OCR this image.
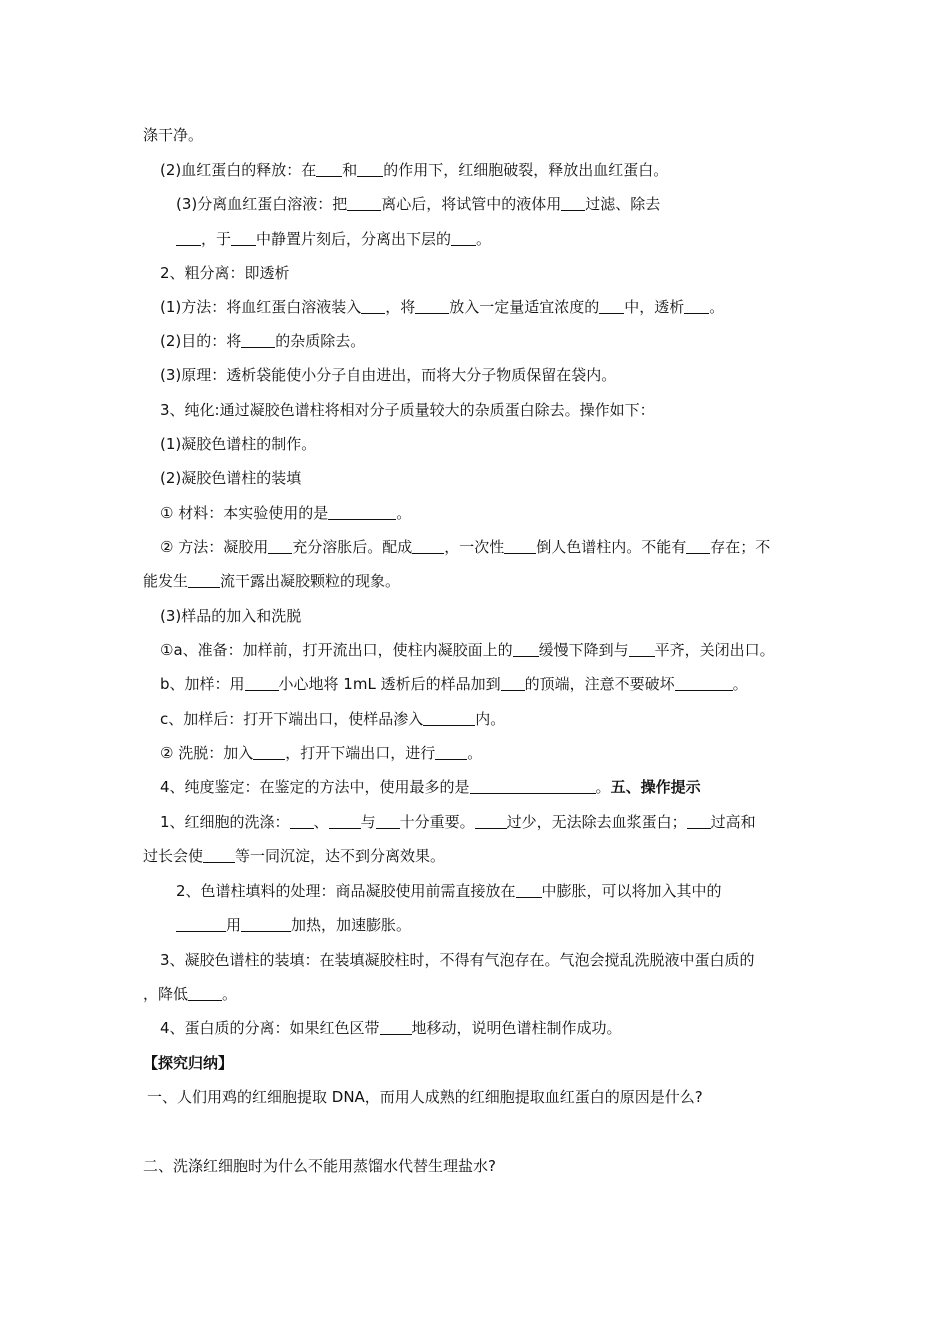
涤干净。
(2)血红蛋白的释放：在 和 的作用下，红细胞破裂，释放出血红蛋白。
(3)分离血红蛋白溶液：把 离心后，将试管中的液体用 过滤、除去
，于 中静置片刻后，分离出下层的 。
2、粗分离：即透析
(1)方法：将血红蛋白溶液装入 ，将 放入一定量适宜浓度的 中，透析 。
(2)目的：将 的杂质除去。
(3)原理：透析袋能使小分子自由进出，而将大分子物质保留在袋内。
3、纯化:通过凝胶色谱柱将相对分子质量较大的杂质蛋白除去。操作如下：
(1)凝胶色谱柱的制作。
(2)凝胶色谱柱的装填
① 材料：本实验使用的是	。
② 方法：凝胶用 充分溶胀后。配成 ，一次性 倒人色谱柱内。不能有 存在；不
能发生 流干露出凝胶颗粒的现象。
(3)样品的加入和洗脱
①a、准备：加样前，打开流出口，使柱内凝胶面上的 缓慢下降到与 平齐，关闭出口。
b、加样：用 小心地将 1mL 透析后的样品加到 的顶端，注意不要破坏	。
c、加样后：打开下端出口，使样品渗入	内。
② 洗脱：加入 ，打开下端出口，进行 。
4、纯度鉴定：在鉴定的方法中，使用最多的是	。五、操作提示
1、红细胞的洗涤： 、 与 十分重要。 过少，无法除去血浆蛋白； 过高和
过长会使 等一同沉淀，达不到分离效果。
2、色谱柱填料的处理：商品凝胶使用前需直接放在 中膨胀，可以将加入其中的
用	加热，加速膨胀。
3、凝胶色谱柱的装填：在装填凝胶柱时，不得有气泡存在。气泡会搅乱洗脱液中蛋白质的
，降低 。
4、蛋白质的分离：如果红色区带 地移动，说明色谱柱制作成功。
【探究归纳】
一、人们用鸡的红细胞提取 DNA，而用人成熟的红细胞提取血红蛋白的原因是什么?
二、洗涤红细胞时为什么不能用蒸馏水代替生理盐水?
